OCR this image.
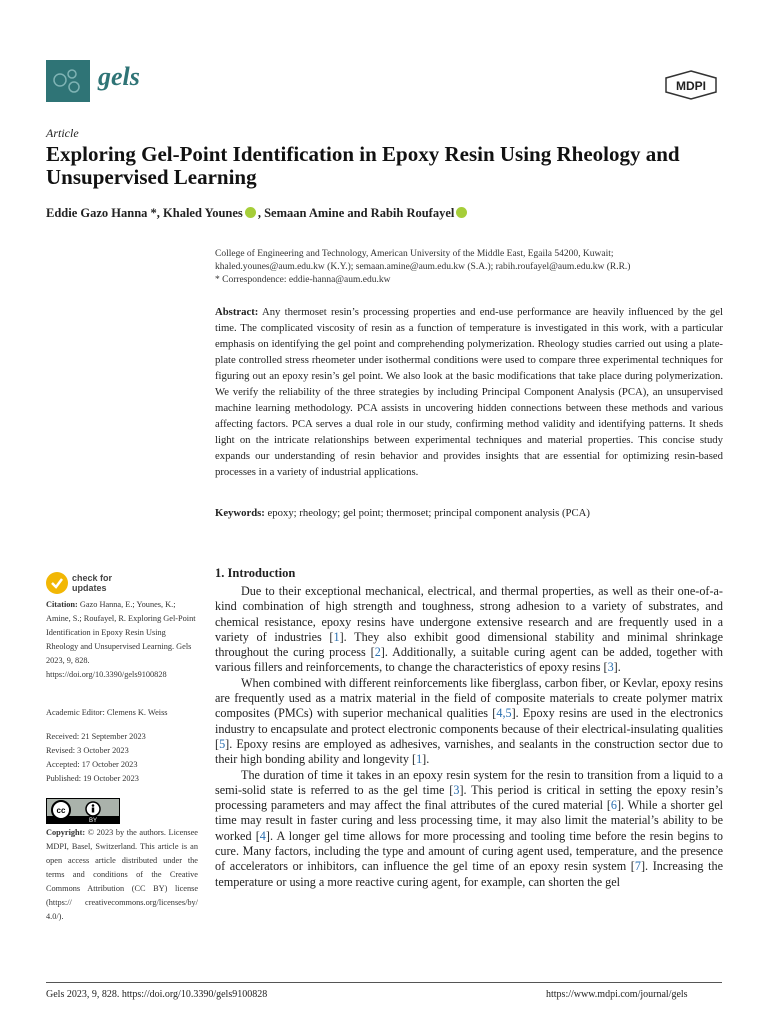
gels	MDPI
Article
Exploring Gel-Point Identification in Epoxy Resin Using Rheology and Unsupervised Learning
Eddie Gazo Hanna *, Khaled Younes , Semaan Amine and Rabih Roufayel
College of Engineering and Technology, American University of the Middle East, Egaila 54200, Kuwait;
khaled.younes@aum.edu.kw (K.Y.); semaan.amine@aum.edu.kw (S.A.); rabih.roufayel@aum.edu.kw (R.R.)
* Correspondence: eddie-hanna@aum.edu.kw
Abstract: Any thermoset resin’s processing properties and end-use performance are heavily influenced by the gel time. The complicated viscosity of resin as a function of temperature is investigated in this work, with a particular emphasis on identifying the gel point and comprehending polymerization. Rheology studies carried out using a plate-plate controlled stress rheometer under isothermal conditions were used to compare three experimental techniques for figuring out an epoxy resin’s gel point. We also look at the basic modifications that take place during polymerization. We verify the reliability of the three strategies by including Principal Component Analysis (PCA), an unsupervised machine learning methodology. PCA assists in uncovering hidden connections between these methods and various affecting factors. PCA serves a dual role in our study, confirming method validity and identifying patterns. It sheds light on the intricate relationships between experimental techniques and material properties. This concise study expands our understanding of resin behavior and provides insights that are essential for optimizing resin-based processes in a variety of industrial applications.
Keywords: epoxy; rheology; gel point; thermoset; principal component analysis (PCA)
check for
updates
Citation: Gazo Hanna, E.; Younes, K.; Amine, S.; Roufayel, R. Exploring Gel-Point Identification in Epoxy Resin Using Rheology and Unsupervised Learning. Gels 2023, 9, 828. https://doi.org/10.3390/gels9100828
Academic Editor: Clemens K. Weiss
Received: 21 September 2023
Revised: 3 October 2023
Accepted: 17 October 2023
Published: 19 October 2023
cc
BY
Copyright: © 2023 by the authors. Licensee MDPI, Basel, Switzerland. This article is an open access article distributed under the terms and conditions of the Creative Commons Attribution (CC BY) license (https:// creativecommons.org/licenses/by/ 4.0/).
1. Introduction

Due to their exceptional mechanical, electrical, and thermal properties, as well as their one-of-a-kind combination of high strength and toughness, strong adhesion to a variety of substrates, and chemical resistance, epoxy resins have undergone extensive research and are frequently used in a variety of industries [1]. They also exhibit good dimensional stability and minimal shrinkage throughout the curing process [2]. Additionally, a suitable curing agent can be added, together with various fillers and reinforcements, to change the characteristics of epoxy resins [3].

When combined with different reinforcements like fiberglass, carbon fiber, or Kevlar, epoxy resins are frequently used as a matrix material in the field of composite materials to create polymer matrix composites (PMCs) with superior mechanical qualities [4,5]. Epoxy resins are used in the electronics industry to encapsulate and protect electronic components because of their electrical-insulating qualities [5]. Epoxy resins are employed as adhesives, varnishes, and sealants in the construction sector due to their high bonding ability and longevity [1].

The duration of time it takes in an epoxy resin system for the resin to transition from a liquid to a semi-solid state is referred to as the gel time [3]. This period is critical in setting the epoxy resin’s processing parameters and may affect the final attributes of the cured material [6]. While a shorter gel time may result in faster curing and less processing time, it may also limit the material’s ability to be worked [4]. A longer gel time allows for more processing and tooling time before the resin begins to cure. Many factors, including the type and amount of curing agent used, temperature, and the presence of accelerators or inhibitors, can influence the gel time of an epoxy resin system [7]. Increasing the temperature or using a more reactive curing agent, for example, can shorten the gel

Gels 2023, 9, 828. https://doi.org/10.3390/gels9100828	https://www.mdpi.com/journal/gels
